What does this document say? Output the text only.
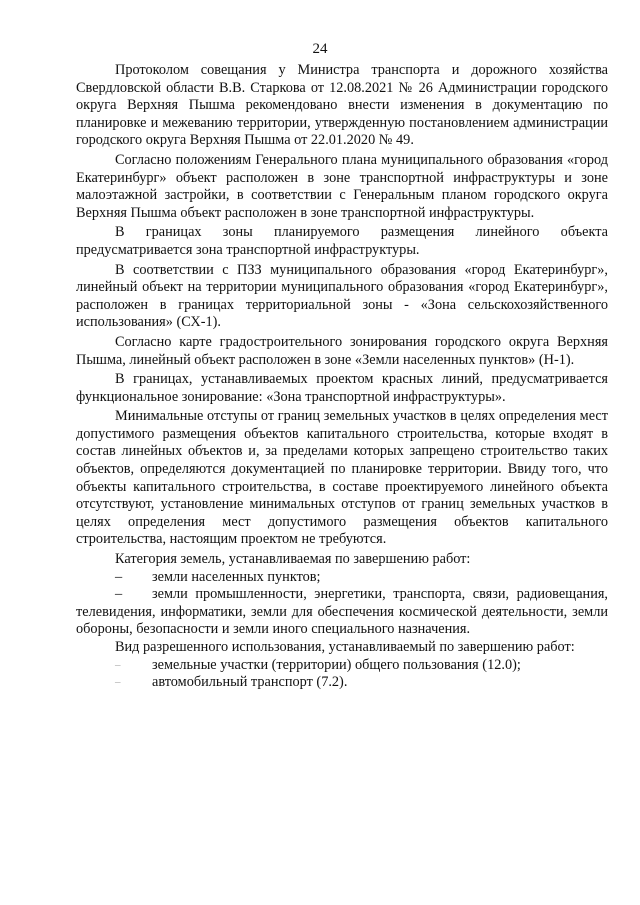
24

Протоколом совещания у Министра транспорта и дорожного хозяйства Свердловской области В.В. Старкова от 12.08.2021 № 26 Администрации городского округа Верхняя Пышма рекомендовано внести изменения в документацию по планировке и межеванию территории, утвержденную постановлением администрации городского округа Верхняя Пышма от 22.01.2020 № 49.

Согласно положениям Генерального плана муниципального образования «город Екатеринбург» объект расположен в зоне транспортной инфраструктуры и зоне малоэтажной застройки, в соответствии с Генеральным планом городского округа Верхняя Пышма объект расположен в зоне транспортной инфраструктуры.

В границах зоны планируемого размещения линейного объекта предусматривается зона транспортной инфраструктуры.

В соответствии с ПЗЗ муниципального образования «город Екатеринбург», линейный объект на территории муниципального образования «город Екатеринбург», расположен в границах территориальной зоны - «Зона сельскохозяйственного использования» (СХ-1).

Согласно карте градостроительного зонирования городского округа Верхняя Пышма, линейный объект расположен в зоне «Земли населенных пунктов» (Н-1).

В границах, устанавливаемых проектом красных линий, предусматривается функциональное зонирование: «Зона транспортной инфраструктуры».

Минимальные отступы от границ земельных участков в целях определения мест допустимого размещения объектов капитального строительства, которые входят в состав линейных объектов и, за пределами которых запрещено строительство таких объектов, определяются документацией по планировке территории. Ввиду того, что объекты капитального строительства, в составе проектируемого линейного объекта отсутствуют, установление минимальных отступов от границ земельных участков в целях определения мест допустимого размещения объектов капитального строительства, настоящим проектом не требуются.

Категория земель, устанавливаемая по завершению работ:

–	земли населенных пунктов;
– земли промышленности, энергетики, транспорта, связи, радиовещания, телевидения, информатики, земли для обеспечения космической деятельности, земли обороны, безопасности и земли иного специального назначения.

Вид разрешенного использования, устанавливаемый по завершению работ:

–	земельные участки (территории) общего пользования (12.0);
–	автомобильный транспорт (7.2).
